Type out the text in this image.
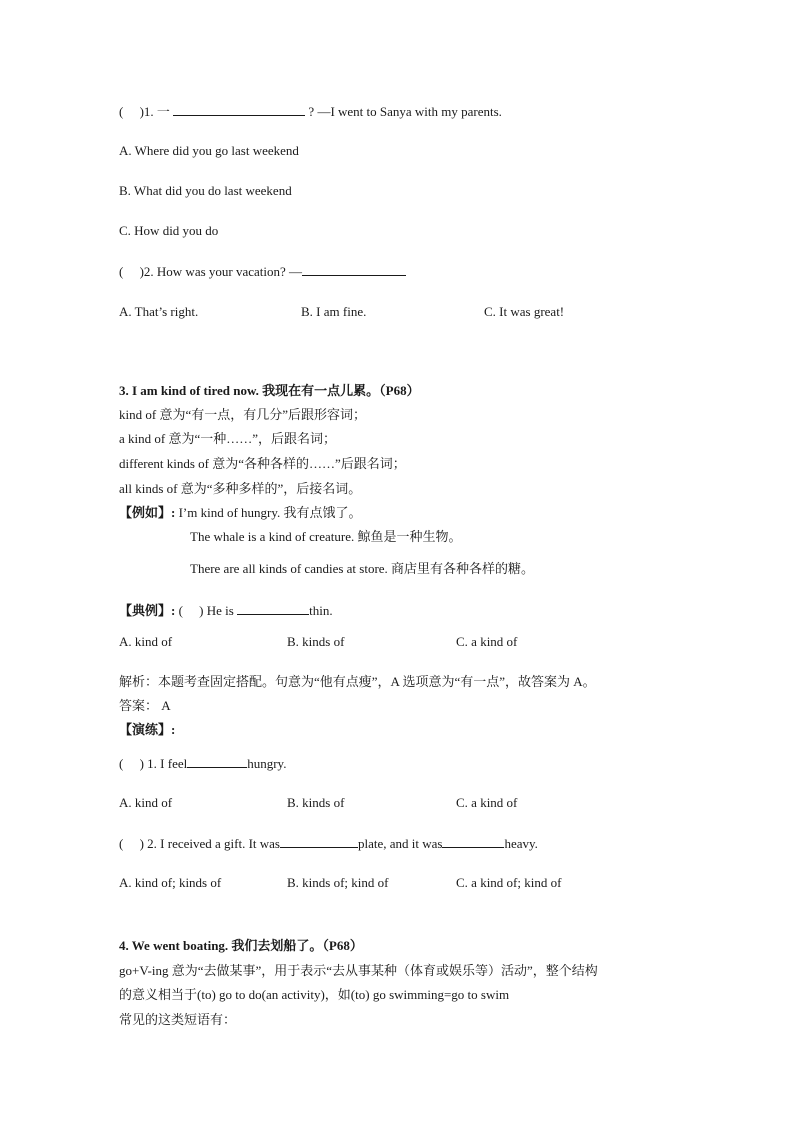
(　 )1. 一	? —I went to Sanya with my parents.
A. Where did you go last weekend
B. What did you do last weekend
C. How did you do
(　 )2. How was your vacation? —
A. That’s right.	B. I am fine.	C. It was great!
3. I am kind of tired now. 我现在有一点儿累。（P68）
kind of 意为“有一点，有几分”后跟形容词；
a kind of 意为“一种……”，后跟名词；
different kinds of 意为“各种各样的……”后跟名词；
all kinds of 意为“多种多样的”，后接名词。
【例如】: I’m kind of hungry. 我有点饿了。
The whale is a kind of creature. 鲸鱼是一种生物。
There are all kinds of candies at store. 商店里有各种各样的糖。
【典例】: (　 ) He is	thin.
A. kind of	B. kinds of	C. a kind of
解析：本题考查固定搭配。句意为“他有点瘦”，A 选项意为“有一点”，故答案为 A。
答案： A
【演练】:
(　 ) 1. I feel	hungry.
A. kind of	B. kinds of	C. a kind of
(　 ) 2. I received a gift. It was	plate, and it was	heavy.
A. kind of; kinds of	B. kinds of; kind of	C. a kind of; kind of
4. We went boating. 我们去划船了。（P68）
go+V-ing 意为“去做某事”，用于表示“去从事某种（体育或娱乐等）活动”，整个结构
的意义相当于(to) go to do(an activity)，如(to) go swimming=go to swim
常见的这类短语有：
